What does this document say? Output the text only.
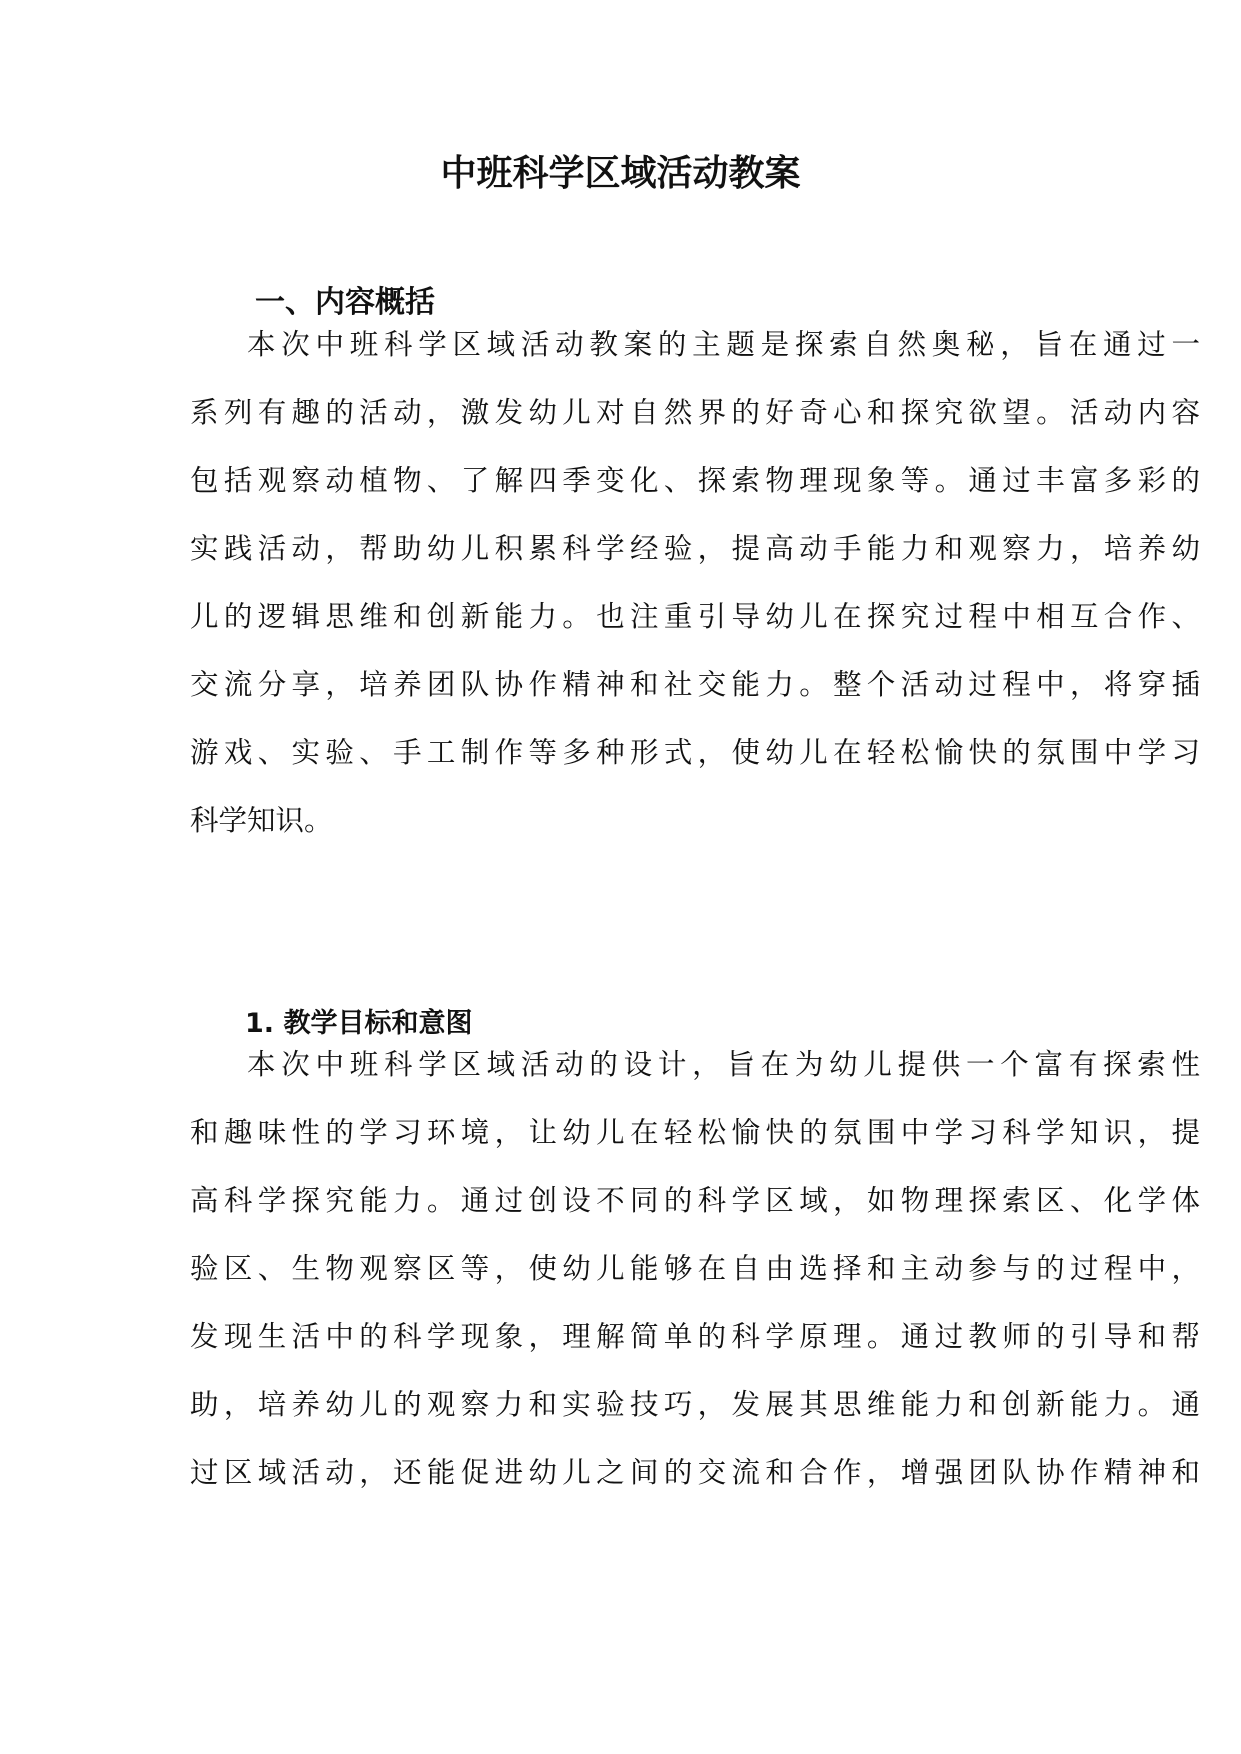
中班科学区域活动教案
一、内容概括

本次中班科学区域活动教案的主题是探索自然奥秘，旨在通过一

系列有趣的活动，激发幼儿对自然界的好奇心和探究欲望。活动内容

包括观察动植物、了解四季变化、探索物理现象等。通过丰富多彩的

实践活动，帮助幼儿积累科学经验，提高动手能力和观察力，培养幼

儿的逻辑思维和创新能力。也注重引导幼儿在探究过程中相互合作、

交流分享，培养团队协作精神和社交能力。整个活动过程中，将穿插

游戏、实验、手工制作等多种形式，使幼儿在轻松愉快的氛围中学习

科学知识。

1. 教学目标和意图

本次中班科学区域活动的设计，旨在为幼儿提供一个富有探索性

和趣味性的学习环境，让幼儿在轻松愉快的氛围中学习科学知识，提

高科学探究能力。通过创设不同的科学区域，如物理探索区、化学体

验区、生物观察区等，使幼儿能够在自由选择和主动参与的过程中，

发现生活中的科学现象，理解简单的科学原理。通过教师的引导和帮

助，培养幼儿的观察力和实验技巧，发展其思维能力和创新能力。通

过区域活动，还能促进幼儿之间的交流和合作，增强团队协作精神和
